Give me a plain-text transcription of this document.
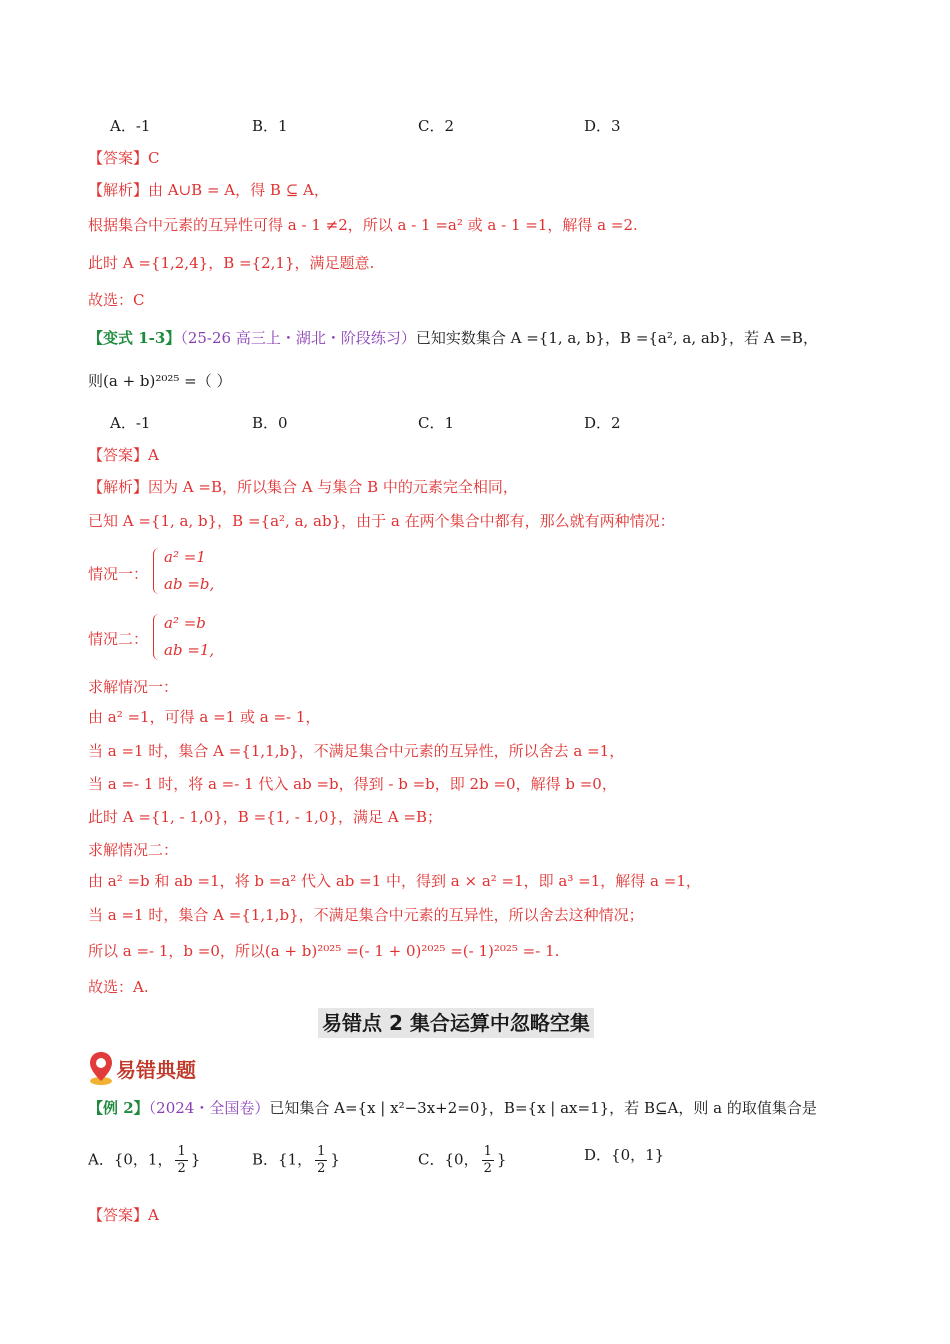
A．-1	B．1	C．2	D．3
【答案】C
【解析】由 A∪B = A，得 B ⊆ A，
根据集合中元素的互异性可得 a - 1 ≠2，所以 a - 1 =a² 或 a - 1 =1，解得 a =2.
此时 A ={1,2,4}，B ={2,1}，满足题意.
故选：C
【变式 1-3】（25-26 高三上・湖北・阶段练习）已知实数集合 A ={1, a, b}，B ={a², a, ab}，若 A =B，
则(a + b)²⁰²⁵ =（ ）
A．-1	B．0	C．1	D．2
【答案】A
【解析】因为 A =B，所以集合 A 与集合 B 中的元素完全相同，
已知 A ={1, a, b}，B ={a², a, ab}，由于 a 在两个集合中都有，那么就有两种情况：
情况一：
a² =1
ab =b,
情况二：
a² =b
ab =1,
求解情况一：
由 a² =1，可得 a =1 或 a =- 1，
当 a =1 时，集合 A ={1,1,b}，不满足集合中元素的互异性，所以舍去 a =1，
当 a =- 1 时，将 a =- 1 代入 ab =b，得到 - b =b，即 2b =0，解得 b =0，
此时 A ={1, - 1,0}，B ={1, - 1,0}，满足 A =B；
求解情况二：
由 a² =b 和 ab =1，将 b =a² 代入 ab =1 中，得到 a × a² =1，即 a³ =1，解得 a =1，
当 a =1 时，集合 A ={1,1,b}，不满足集合中元素的互异性，所以舍去这种情况；
所以 a =- 1，b =0，所以(a + b)²⁰²⁵ =(- 1 + 0)²⁰²⁵ =(- 1)²⁰²⁵ =- 1.
故选：A.
易错点 2 集合运算中忽略空集
易错典题
【例 2】（2024・全国卷）已知集合 A={x | x²−3x+2=0}，B={x | ax=1}，若 B⊆A，则 a 的取值集合是
A．{0，1， $\frac{1}{2}$ }	B．{1， $\frac{1}{2}$ }	C．{0， $\frac{1}{2}$ }	D．{0，1}
【答案】A
